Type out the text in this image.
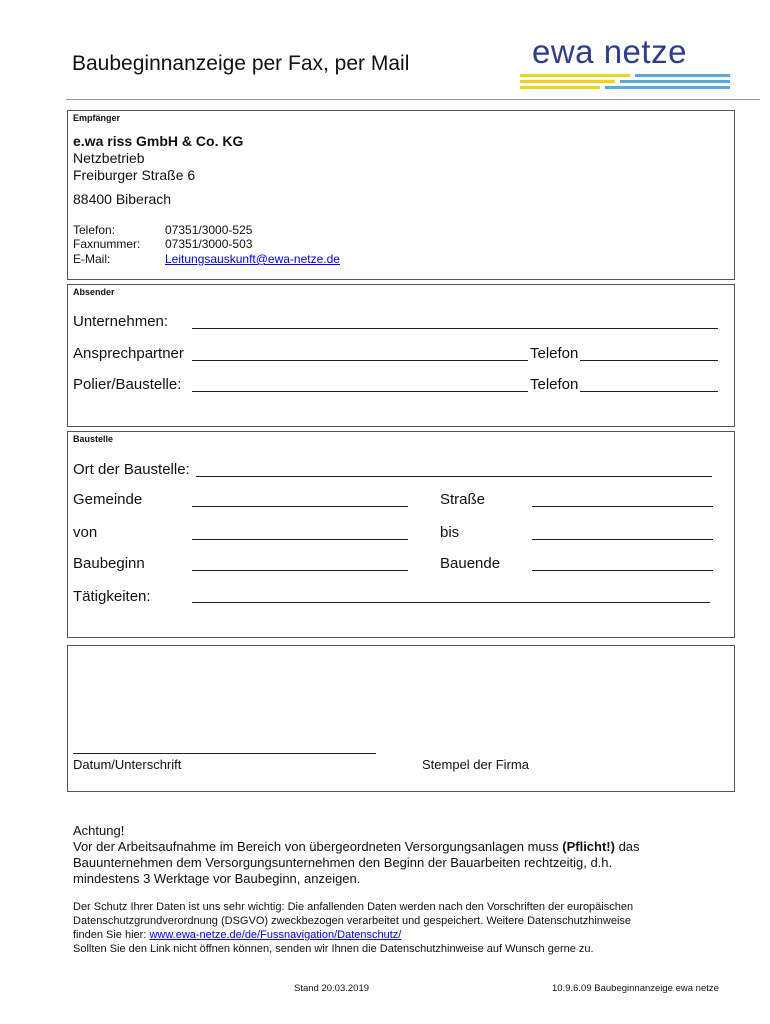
Baubeginnanzeige per Fax, per Mail	ewa netze
Empfänger
e.wa riss GmbH & Co. KG
Netzbetrieb
Freiburger Straße 6
88400 Biberach
Telefon:	07351/3000-525
Faxnummer: 07351/3000-503
E-Mail:	Leitungsauskunft@ewa-netze.de
Absender
Unternehmen:
Ansprechpartner	Telefon
Polier/Baustelle:	Telefon
Baustelle
Ort der Baustelle:
Gemeinde	Straße
von	bis
Baubeginn	Bauende
Tätigkeiten:
Datum/Unterschrift	Stempel der Firma
Achtung!
Vor der Arbeitsaufnahme im Bereich von übergeordneten Versorgungsanlagen muss (Pflicht!) das
Bauunternehmen dem Versorgungsunternehmen den Beginn der Bauarbeiten rechtzeitig, d.h.
mindestens 3 Werktage vor Baubeginn, anzeigen.
Der Schutz Ihrer Daten ist uns sehr wichtig: Die anfallenden Daten werden nach den Vorschriften der europäischen
Datenschutzgrundverordnung (DSGVO) zweckbezogen verarbeitet und gespeichert. Weitere Datenschutzhinweise
finden Sie hier: www.ewa-netze.de/de/Fussnavigation/Datenschutz/
Sollten Sie den Link nicht öffnen können, senden wir Ihnen die Datenschutzhinweise auf Wunsch gerne zu.
Stand 20.03.2019	10.9.6.09 Baubeginnanzeige ewa netze
